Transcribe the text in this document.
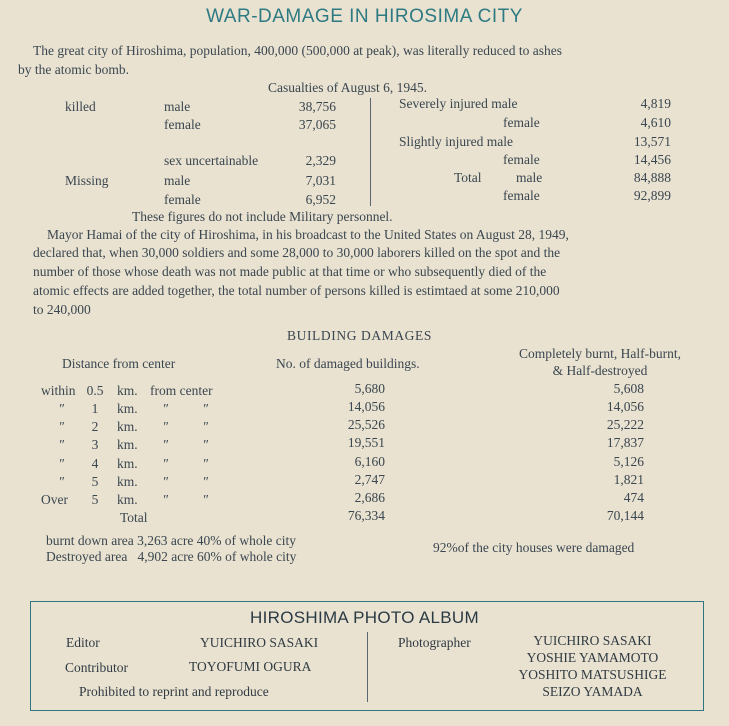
WAR-DAMAGE IN HIROSIMA CITY
The great city of Hiroshima, population, 400,000 (500,000 at peak), was literally reduced to ashes
by the atomic bomb.
Casualties of August 6, 1945.
killed	male	38,756
female	37,065
sex uncertainable	2,329
Missing	male	7,031
female	6,952
Severely injured male	4,819
female	4,610
Slightly injured male	13,571
female	14,456
Total	male	84,888
female	92,899
These figures do not include Military personnel.
Mayor Hamai of the city of Hiroshima, in his broadcast to the United States on August 28, 1949,
declared that, when 30,000 soldiers and some 28,000 to 30,000 laborers killed on the spot and the
number of those whose death was not made public at that time or who subsequently died of the
atomic effects are added together, the total number of persons killed is estimtaed at some 210,000
to 240,000
BUILDING DAMAGES
Distance from center	No. of damaged buildings.
Completely burnt, Half-burnt,
& Half-destroyed
within 0.5 km. from center	5,680	5,608
″	1	km.	″	″	14,056	14,056
″	2	km.	″	″	25,526	25,222
″	3	km.	″	″	19,551	17,837
″	4	km.	″	″	6,160	5,126
″	5	km.	″	″	2,747	1,821
Over	5	km.	″	″	2,686	474
Total	76,334	70,144
burnt down area 3,263 acre 40% of whole city
Destroyed area   4,902 acre 60% of whole city
92%of the city houses were damaged
HIROSHIMA PHOTO ALBUM
Editor	YUICHIRO SASAKI
Contributor	TOYOFUMI OGURA
Prohibited to reprint and reproduce
Photographer	YUICHIRO SASAKI
YOSHIE YAMAMOTO
YOSHITO MATSUSHIGE
SEIZO YAMADA
